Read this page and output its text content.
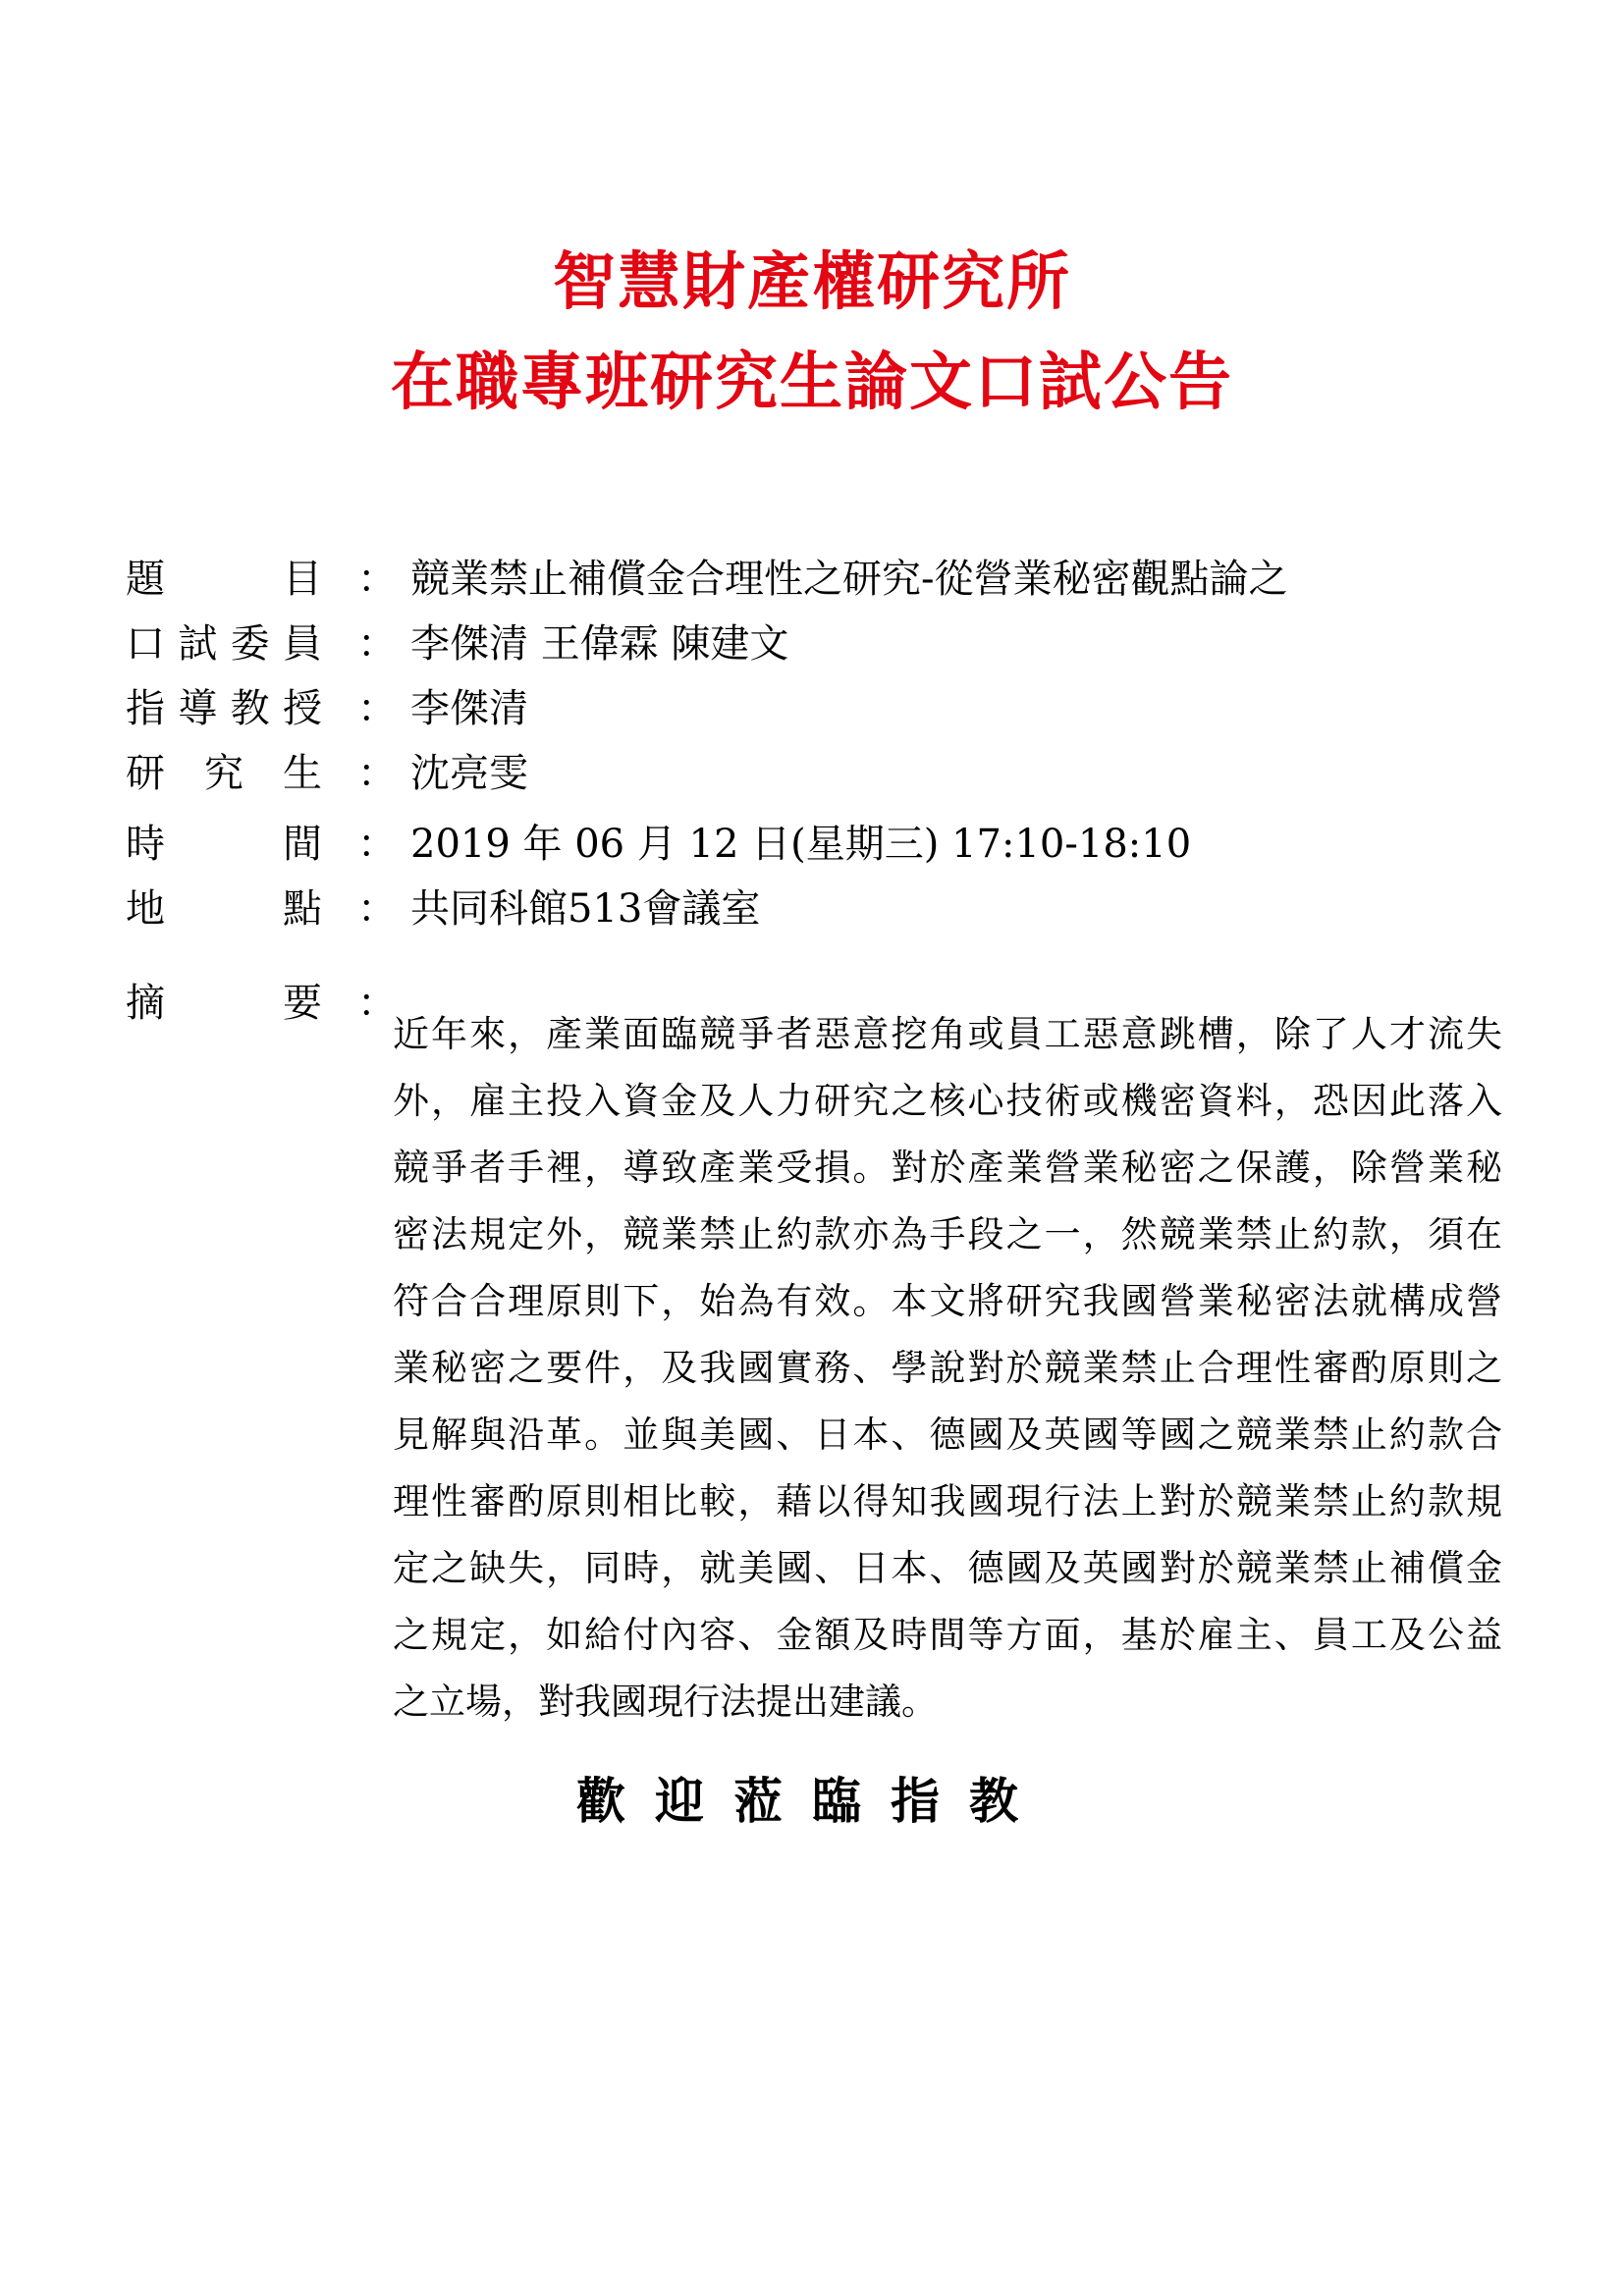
智慧財產權研究所
在職專班研究生論文口試公告
題	目 ： 競業禁止補償金合理性之研究-從營業秘密觀點論之
口 試 委 員 ： 李傑清 王偉霖 陳建文
指 導 教 授 ： 李傑清
研 究 生 ： 沈亮雯
時	間 ： 2019 年 06 月 12 日(星期三) 17:10-18:10
地	點 ： 共同科館513會議室
摘	要 ：
近年來，產業面臨競爭者惡意挖角或員工惡意跳槽，除了人才流失
外，雇主投入資金及人力研究之核心技術或機密資料，恐因此落入
競爭者手裡，導致產業受損。對於產業營業秘密之保護，除營業秘
密法規定外，競業禁止約款亦為手段之一，然競業禁止約款，須在
符合合理原則下，始為有效。本文將研究我國營業秘密法就構成營
業秘密之要件，及我國實務、學說對於競業禁止合理性審酌原則之
見解與沿革。並與美國、日本、德國及英國等國之競業禁止約款合
理性審酌原則相比較，藉以得知我國現行法上對於競業禁止約款規
定之缺失，同時，就美國、日本、德國及英國對於競業禁止補償金
之規定，如給付內容、金額及時間等方面，基於雇主、員工及公益
之立場，對我國現行法提出建議。
歡迎蒞臨指教
